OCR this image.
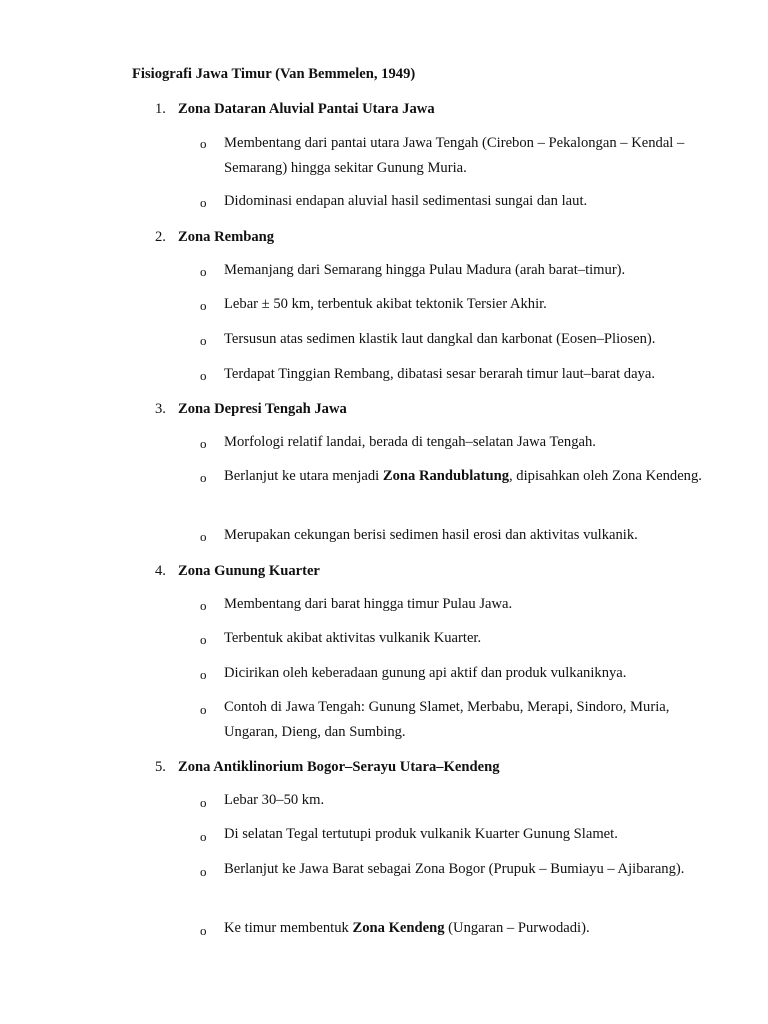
Fisiografi Jawa Timur (Van Bemmelen, 1949)
1. Zona Dataran Aluvial Pantai Utara Jawa
o Membentang dari pantai utara Jawa Tengah (Cirebon – Pekalongan – Kendal – Semarang) hingga sekitar Gunung Muria.
o Didominasi endapan aluvial hasil sedimentasi sungai dan laut.
2. Zona Rembang
o Memanjang dari Semarang hingga Pulau Madura (arah barat–timur).
o Lebar ± 50 km, terbentuk akibat tektonik Tersier Akhir.
o Tersusun atas sedimen klastik laut dangkal dan karbonat (Eosen–Pliosen).
o Terdapat Tinggian Rembang, dibatasi sesar berarah timur laut–barat daya.
3. Zona Depresi Tengah Jawa
o Morfologi relatif landai, berada di tengah–selatan Jawa Tengah.
o Berlanjut ke utara menjadi Zona Randublatung, dipisahkan oleh Zona Kendeng.
o Merupakan cekungan berisi sedimen hasil erosi dan aktivitas vulkanik.
4. Zona Gunung Kuarter
o Membentang dari barat hingga timur Pulau Jawa.
o Terbentuk akibat aktivitas vulkanik Kuarter.
o Dicirikan oleh keberadaan gunung api aktif dan produk vulkaniknya.
o Contoh di Jawa Tengah: Gunung Slamet, Merbabu, Merapi, Sindoro, Muria, Ungaran, Dieng, dan Sumbing.
5. Zona Antiklinorium Bogor–Serayu Utara–Kendeng
o Lebar 30–50 km.
o Di selatan Tegal tertutupi produk vulkanik Kuarter Gunung Slamet.
o Berlanjut ke Jawa Barat sebagai Zona Bogor (Prupuk – Bumiayu – Ajibarang).
o Ke timur membentuk Zona Kendeng (Ungaran – Purwodadi).
